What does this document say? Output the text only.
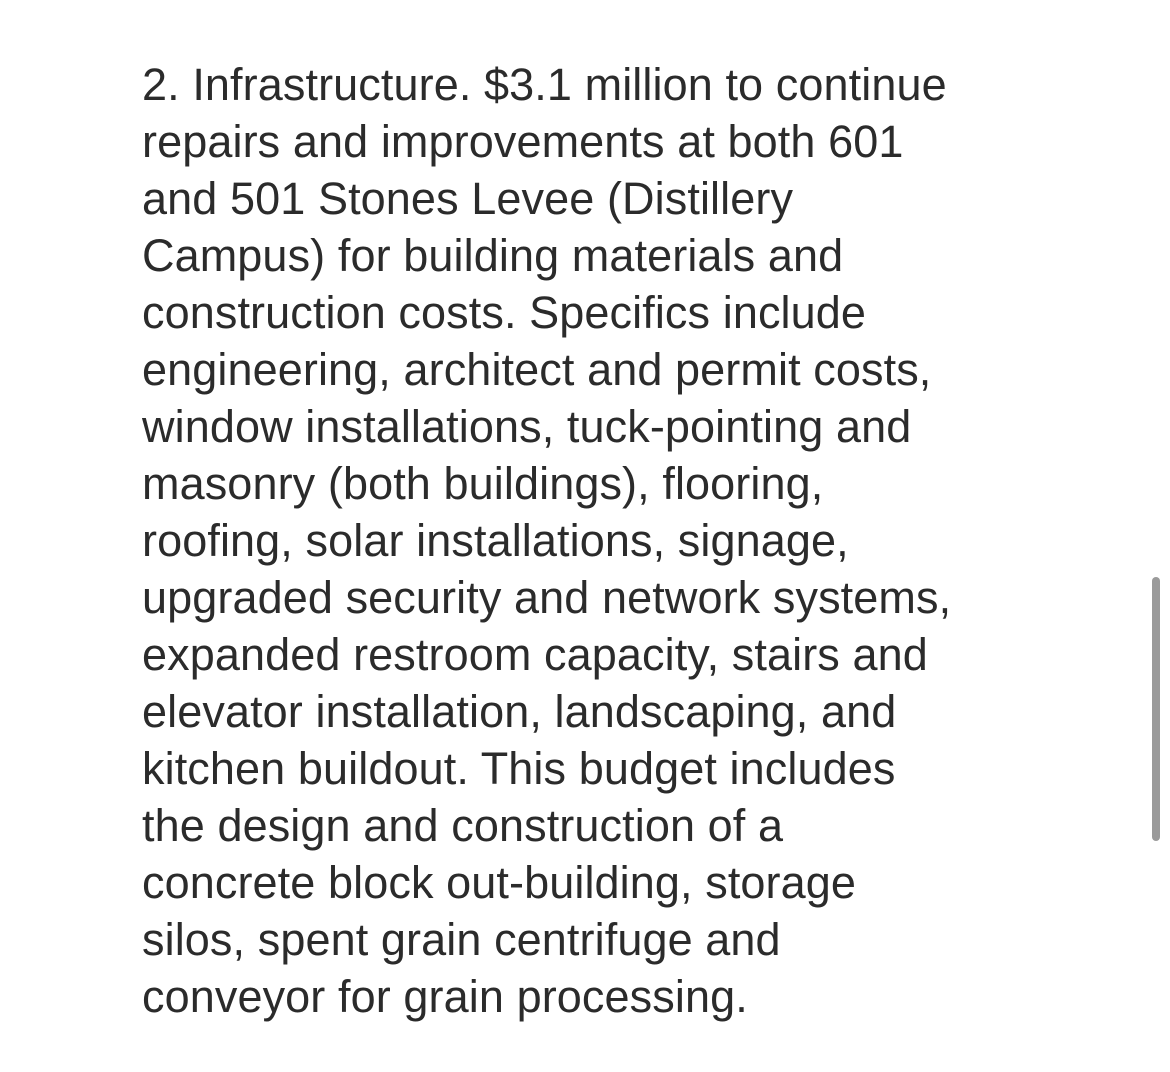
2. Infrastructure. $3.1 million to continue
repairs and improvements at both 601
and 501 Stones Levee (Distillery
Campus) for building materials and
construction costs. Specifics include
engineering, architect and permit costs,
window installations, tuck-pointing and
masonry (both buildings), flooring,
roofing, solar installations, signage,
upgraded security and network systems,
expanded restroom capacity, stairs and
elevator installation, landscaping, and
kitchen buildout. This budget includes
the design and construction of a
concrete block out-building, storage
silos, spent grain centrifuge and
conveyor for grain processing.
